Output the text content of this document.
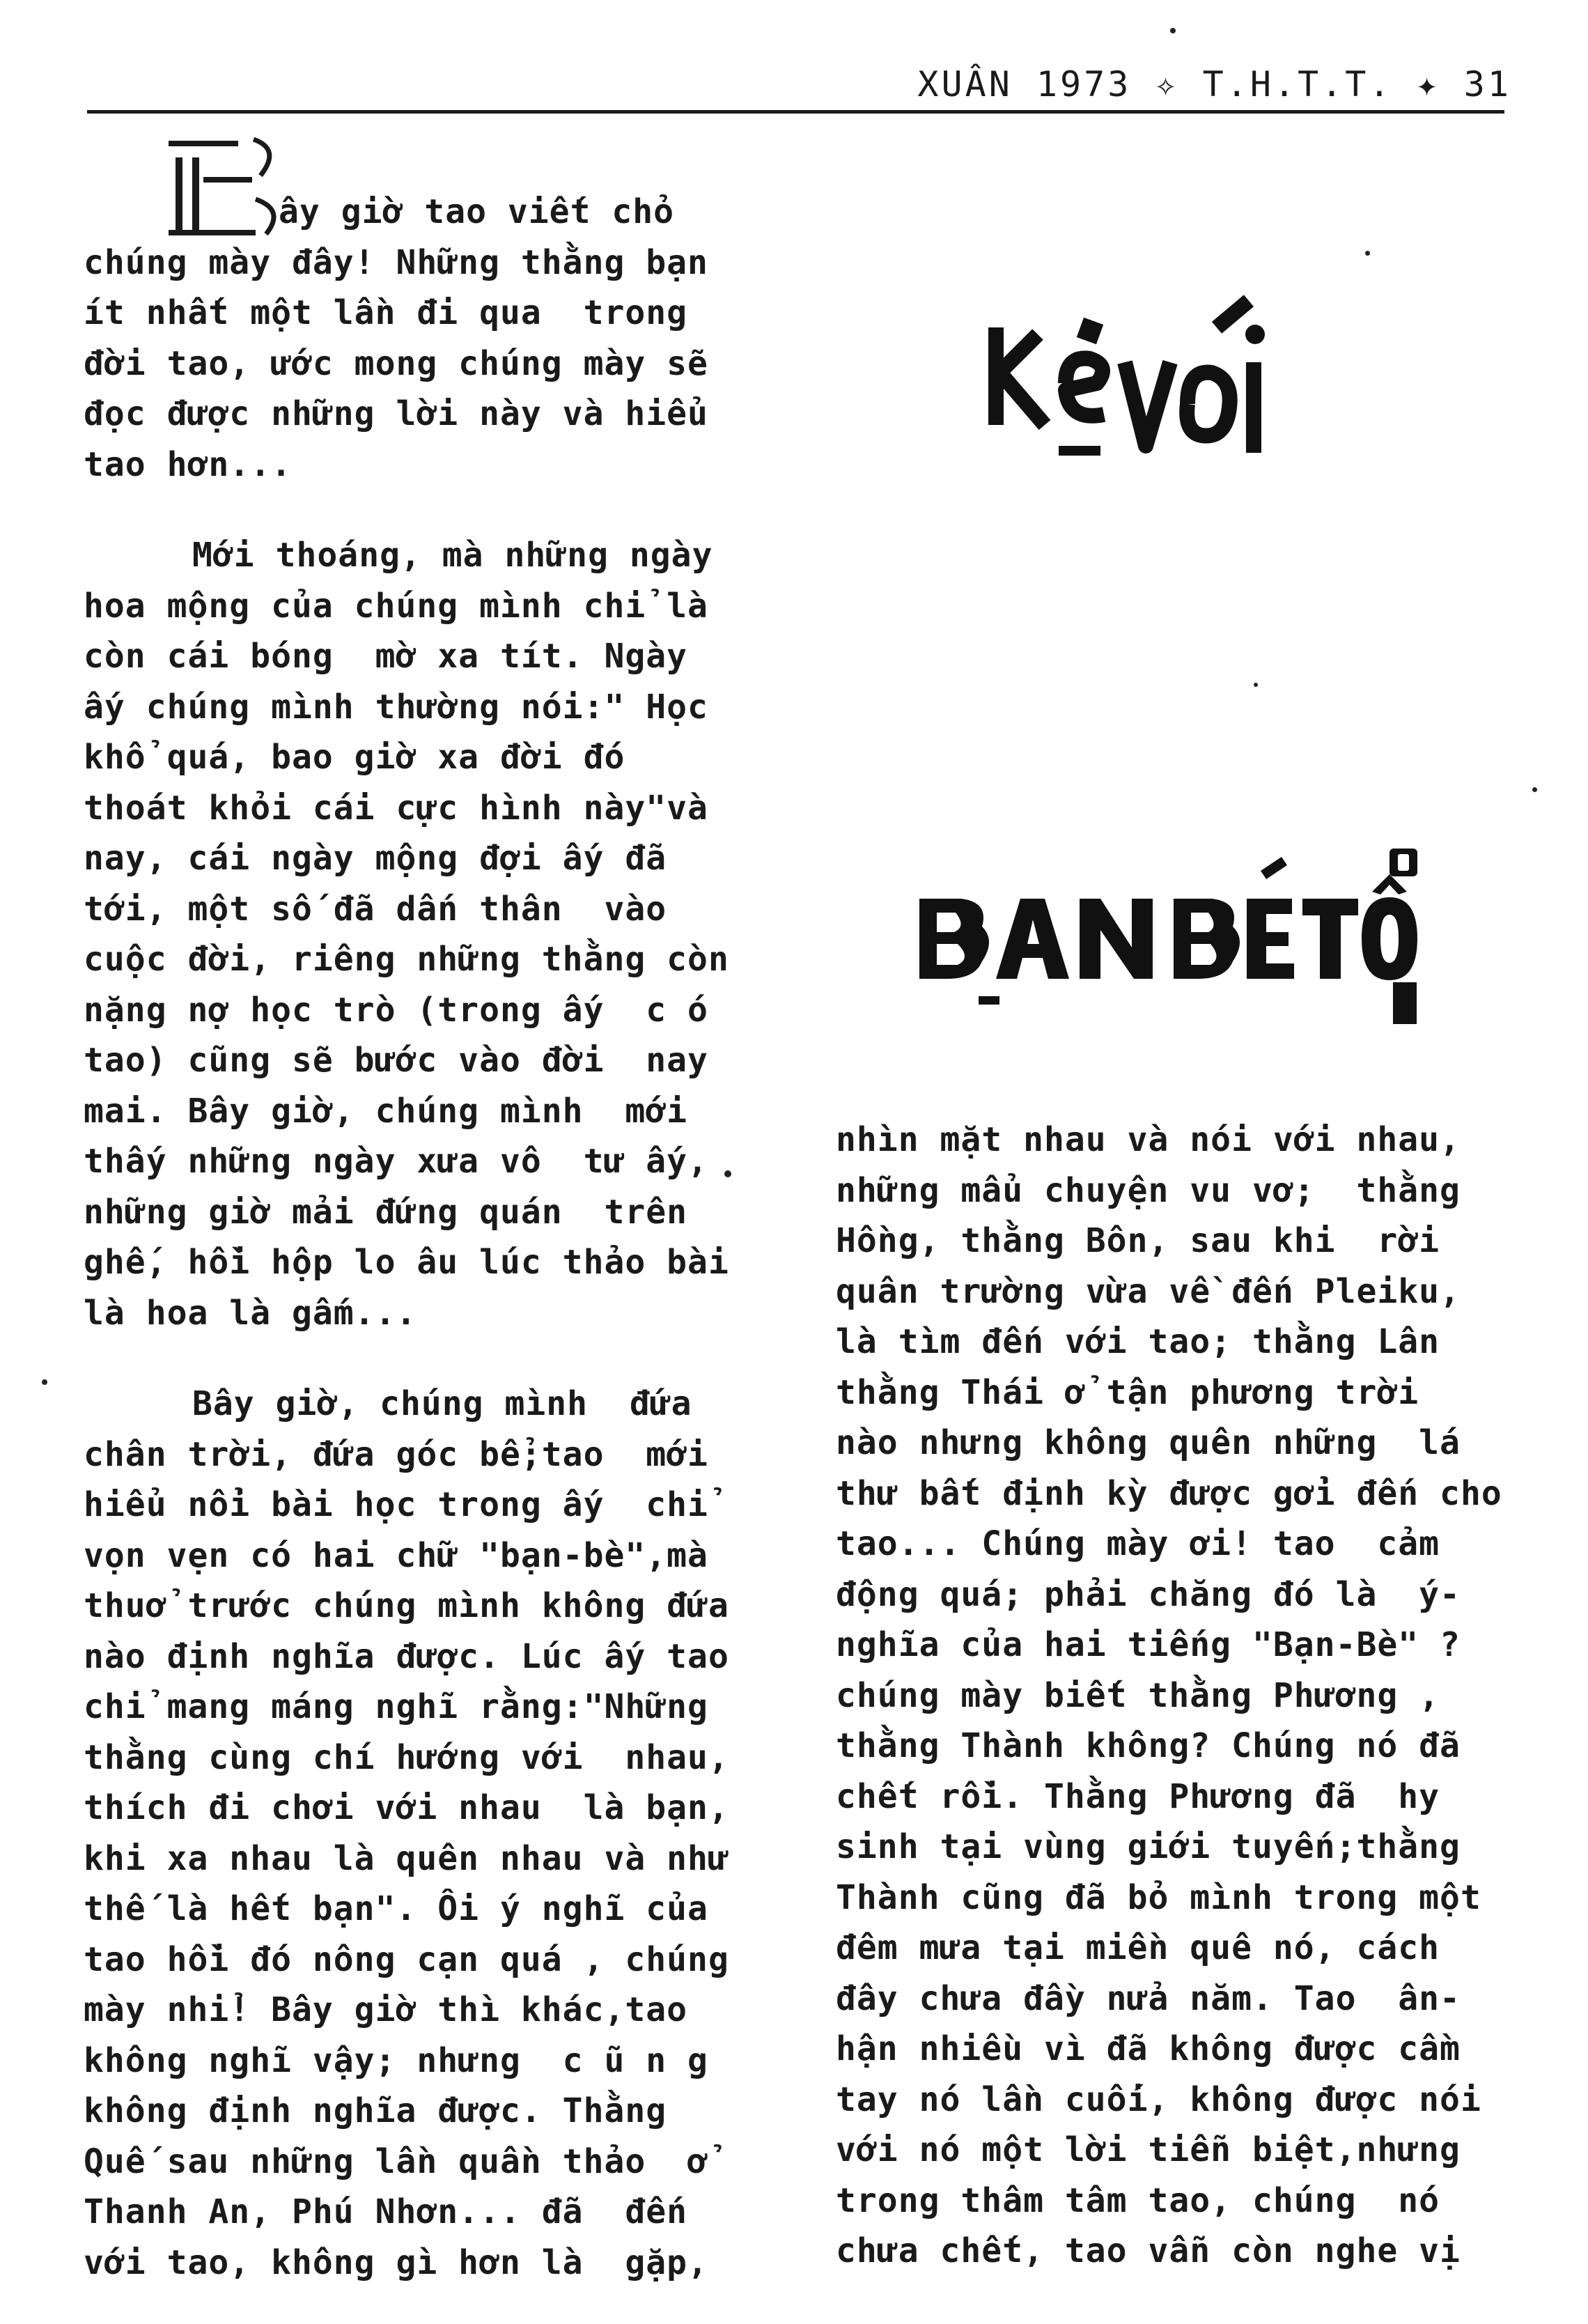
XUÂN 1973 ✧ T.H.T.T. ✦ 31
ây giờ tao viết chỏ
chúng mày đây! Những thằng bạn
ít nhất một lần đi qua  trong
đời tao, ước mong chúng mày sẽ
đọc được những lời này và hiểu
tao hơn...
Mới thoáng, mà những ngày
hoa mộng của chúng mình chỉ là
còn cái bóng  mờ xa tít. Ngày
ấy chúng mình thường nói:" Học
khổ quá, bao giờ xa đời đó
thoát khỏi cái cực hình này"và
nay, cái ngày mộng đợi ấy đã
tới, một số đã dấn thân  vào
cuộc đời, riêng những thằng còn
nặng nợ học trò (trong ấy  c ó
tao) cũng sẽ bước vào đời  nay
mai. Bây giờ, chúng mình  mới
thấy những ngày xưa vô  tư ấy,
những giờ mải đứng quán  trên
ghế, hồi hộp lo âu lúc thảo bài
là hoa là gấm...
Bây giờ, chúng mình  đứa
chân trời, đứa góc bể;tao  mới
hiểu nổi bài học trong ấy  chỉ
vọn vẹn có hai chữ "bạn-bè",mà
thuở trước chúng mình không đứa
nào định nghĩa được. Lúc ấy tao
chỉ mang máng nghĩ rằng:"Những
thằng cùng chí hướng với  nhau,
thích đi chơi với nhau  là bạn,
khi xa nhau là quên nhau và như
thế là hết bạn". Ôi ý nghĩ của
tao hồi đó nông cạn quá , chúng
mày nhỉ! Bây giờ thì khác,tao
không nghĩ vậy; nhưng  c ũ n g
không định nghĩa được. Thằng
Quế sau những lần quần thảo  ở
Thanh An, Phú Nhơn... đã  đến
với tao, không gì hơn là  gặp,
nhìn mặt nhau và nói với nhau,
những mẩu chuyện vu vơ;  thằng
Hồng, thằng Bôn, sau khi  rời
quân trường vừa về đến Pleiku,
là tìm đến với tao; thằng Lân
thằng Thái ở tận phương trời
nào nhưng không quên những  lá
thư bất định kỳ được gởi đến cho
tao... Chúng mày ơi! tao  cảm
động quá; phải chăng đó là  ý-
nghĩa của hai tiếng "Bạn-Bè" ?
chúng mày biết thằng Phương ,
thằng Thành không? Chúng nó đã
chết rồi. Thằng Phương đã  hy
sinh tại vùng giới tuyến;thằng
Thành cũng đã bỏ mình trong một
đêm mưa tại miền quê nó, cách
đây chưa đầy nửa năm. Tao  ân-
hận nhiều vì đã không được cầm
tay nó lần cuối, không được nói
với nó một lời tiễn biệt,nhưng
trong thâm tâm tao, chúng  nó
chưa chết, tao vẫn còn nghe vị
